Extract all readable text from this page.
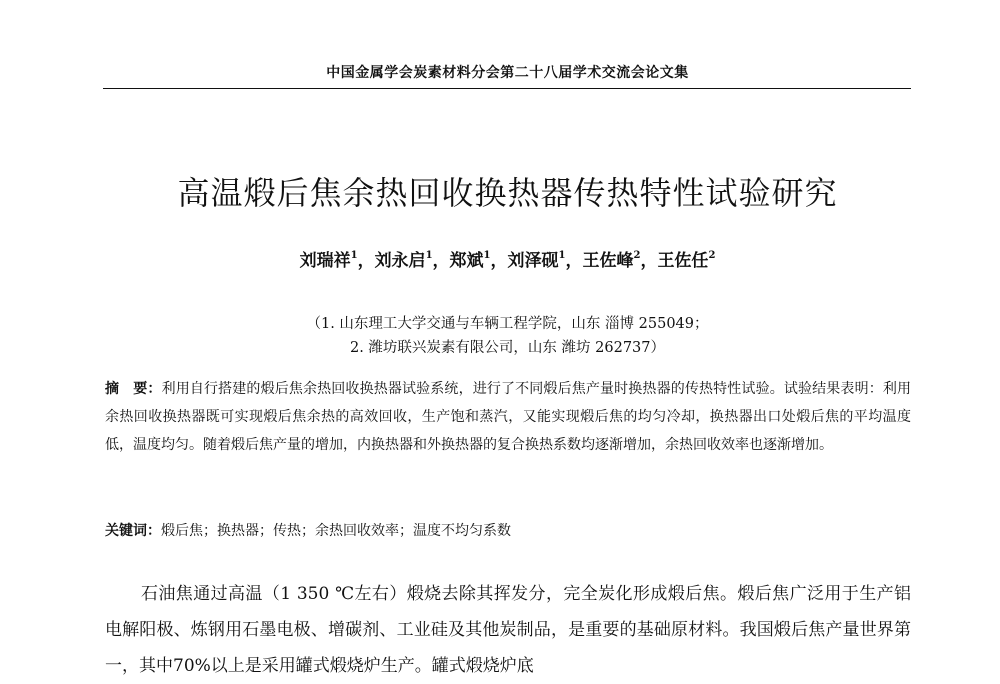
中国金属学会炭素材料分会第二十八届学术交流会论文集
高温煅后焦余热回收换热器传热特性试验研究
刘瑞祥$^1$，刘永启$^1$，郑斌$^1$，刘泽砚$^1$，王佐峰$^2$，王佐任$^2$
（1. 山东理工大学交通与车辆工程学院，山东 淄博 255049；
2. 潍坊联兴炭素有限公司，山东 潍坊 262737）
摘　要：利用自行搭建的煅后焦余热回收换热器试验系统，进行了不同煅后焦产量时换热器的传热特性试验。试验结果表明：利用余热回收换热器既可实现煅后焦余热的高效回收，生产饱和蒸汽，又能实现煅后焦的均匀冷却，换热器出口处煅后焦的平均温度低，温度均匀。随着煅后焦产量的增加，内换热器和外换热器的复合换热系数均逐渐增加，余热回收效率也逐渐增加。
关键词：煅后焦；换热器；传热；余热回收效率；温度不均匀系数
石油焦通过高温（1 350 ℃左右）煅烧去除其挥发分，完全炭化形成煅后焦。煅后焦广泛用于生产铝电解阳极、炼钢用石墨电极、增碳剂、工业硅及其他炭制品，是重要的基础原材料。我国煅后焦产量世界第一，其中70%以上是采用罐式煅烧炉生产。罐式煅烧炉底
